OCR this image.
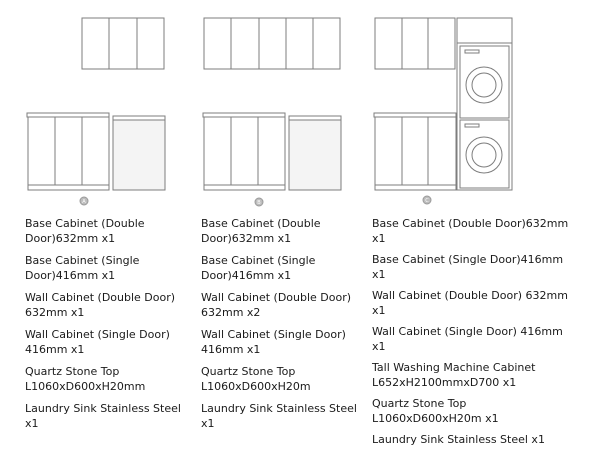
A	B	C
Base Cabinet (Double Door)632mm x1
Base Cabinet (Single Door)416mm x1
Wall Cabinet (Double Door) 632mm x1
Wall Cabinet (Single Door) 416mm x1
Quartz Stone Top L1060xD600xH20mm
Laundry Sink Stainless Steel x1
Base Cabinet (Double Door)632mm x1
Base Cabinet (Single Door)416mm x1
Wall Cabinet (Double Door) 632mm x2
Wall Cabinet (Single Door) 416mm x1
Quartz Stone Top L1060xD600xH20m
Laundry Sink Stainless Steel x1
Base Cabinet (Double Door)632mm x1
Base Cabinet (Single Door)416mm x1
Wall Cabinet (Double Door) 632mm x1
Wall Cabinet (Single Door) 416mm x1
Tall Washing Machine Cabinet L652xH2100mmxD700 x1
Quartz Stone Top L1060xD600xH20m x1
Laundry Sink Stainless Steel x1
